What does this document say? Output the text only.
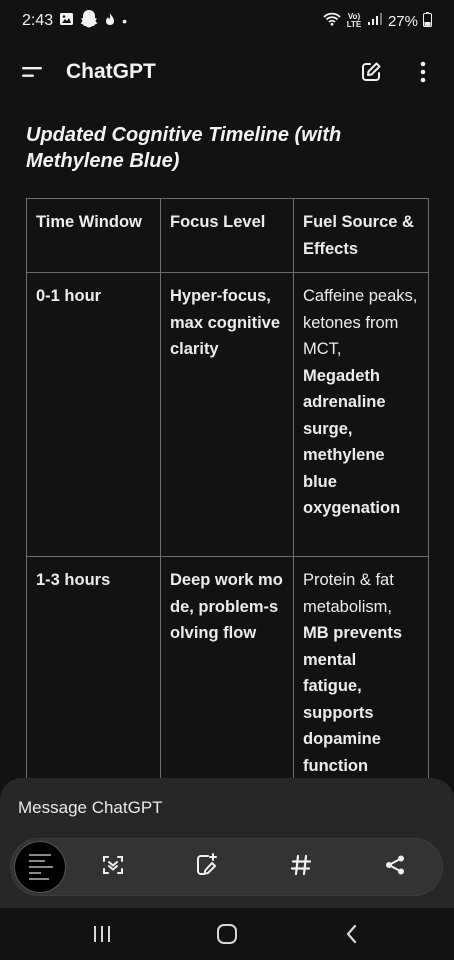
2:43	•	Vo) LTE 27%
ChatGPT
Updated Cognitive Timeline (with Methylene Blue)
Time Window	Focus Level	Fuel Source & Effects
0-1 hour	Hyper-focus, max cognitive clarity	Caffeine peaks, ketones from MCT, Megadeth adrenaline surge, methylene blue oxygenation
1-3 hours	Deep work mode, problem-solving flow	Protein & fat metabolism, MB prevents mental fatigue, supports dopamine function
Message ChatGPT
